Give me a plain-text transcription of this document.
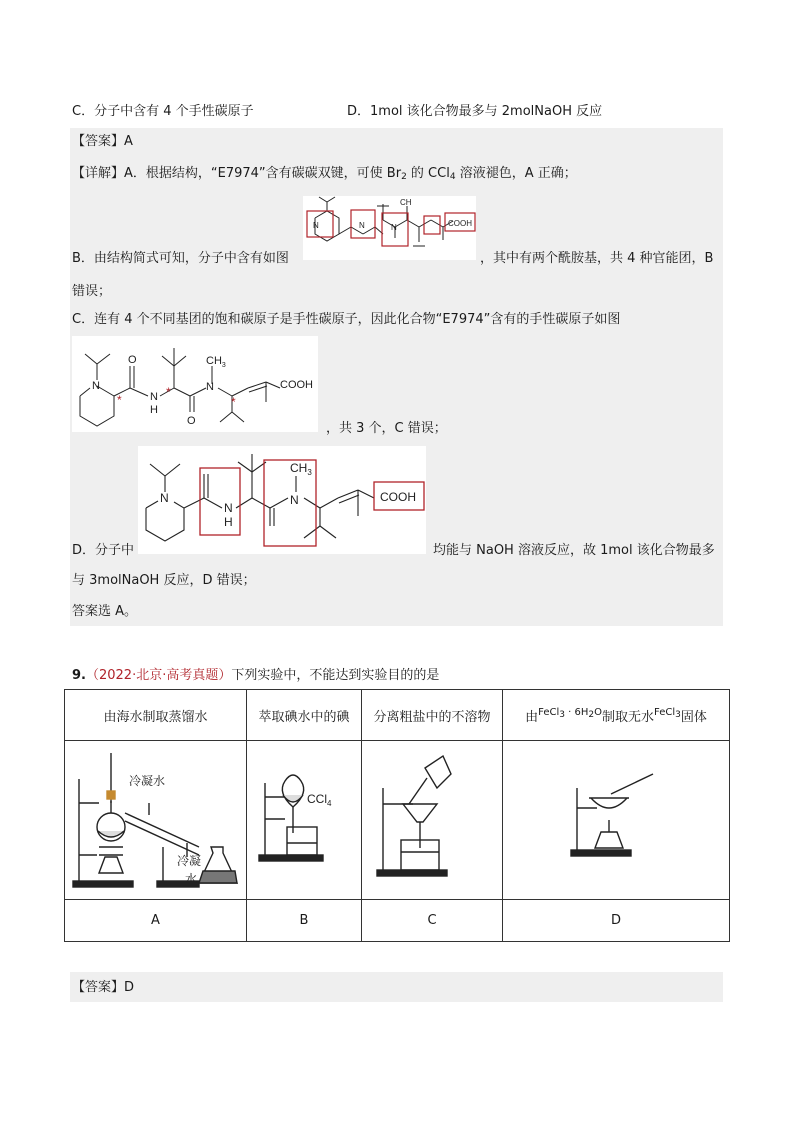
C．分子中含有 4 个手性碳原子	D．1mol 该化合物最多与 2molNaOH 反应
【答案】A
【详解】A．根据结构，“E7974”含有碳碳双键，可使 $Br_2$ 的 CCl$_4$ 溶液褪色，A 正确；
N	N	N
CH
COOH
B．由结构简式可知，分子中含有如图	，其中有两个酰胺基，共 4 种官能团，B
错误；
C．连有 4 个不同基团的饱和碳原子是手性碳原子，因此化合物“E7974”含有的手性碳原子如图
N
O
N
H
O
N
$CH_3$
COOH
*
*
*
，共 3 个，C 错误；
N
N
H
N
$CH_3$
COOH
D．分子中	均能与 NaOH 溶液反应，故 1mol 该化合物最多
与 3molNaOH 反应，D 错误；
答案选 A。
9.（2022·北京·高考真题）下列实验中，不能达到实验目的的是
由海水制取蒸馏水	萃取碘水中的碘	分离粗盐中的不溶物	由$^{FeCl_3 \cdot 6H_2O}$制取无水$^{FeCl_3}$固体

冷凝水
冷凝
水	CCl$_4$

A	B	C	D
【答案】D
